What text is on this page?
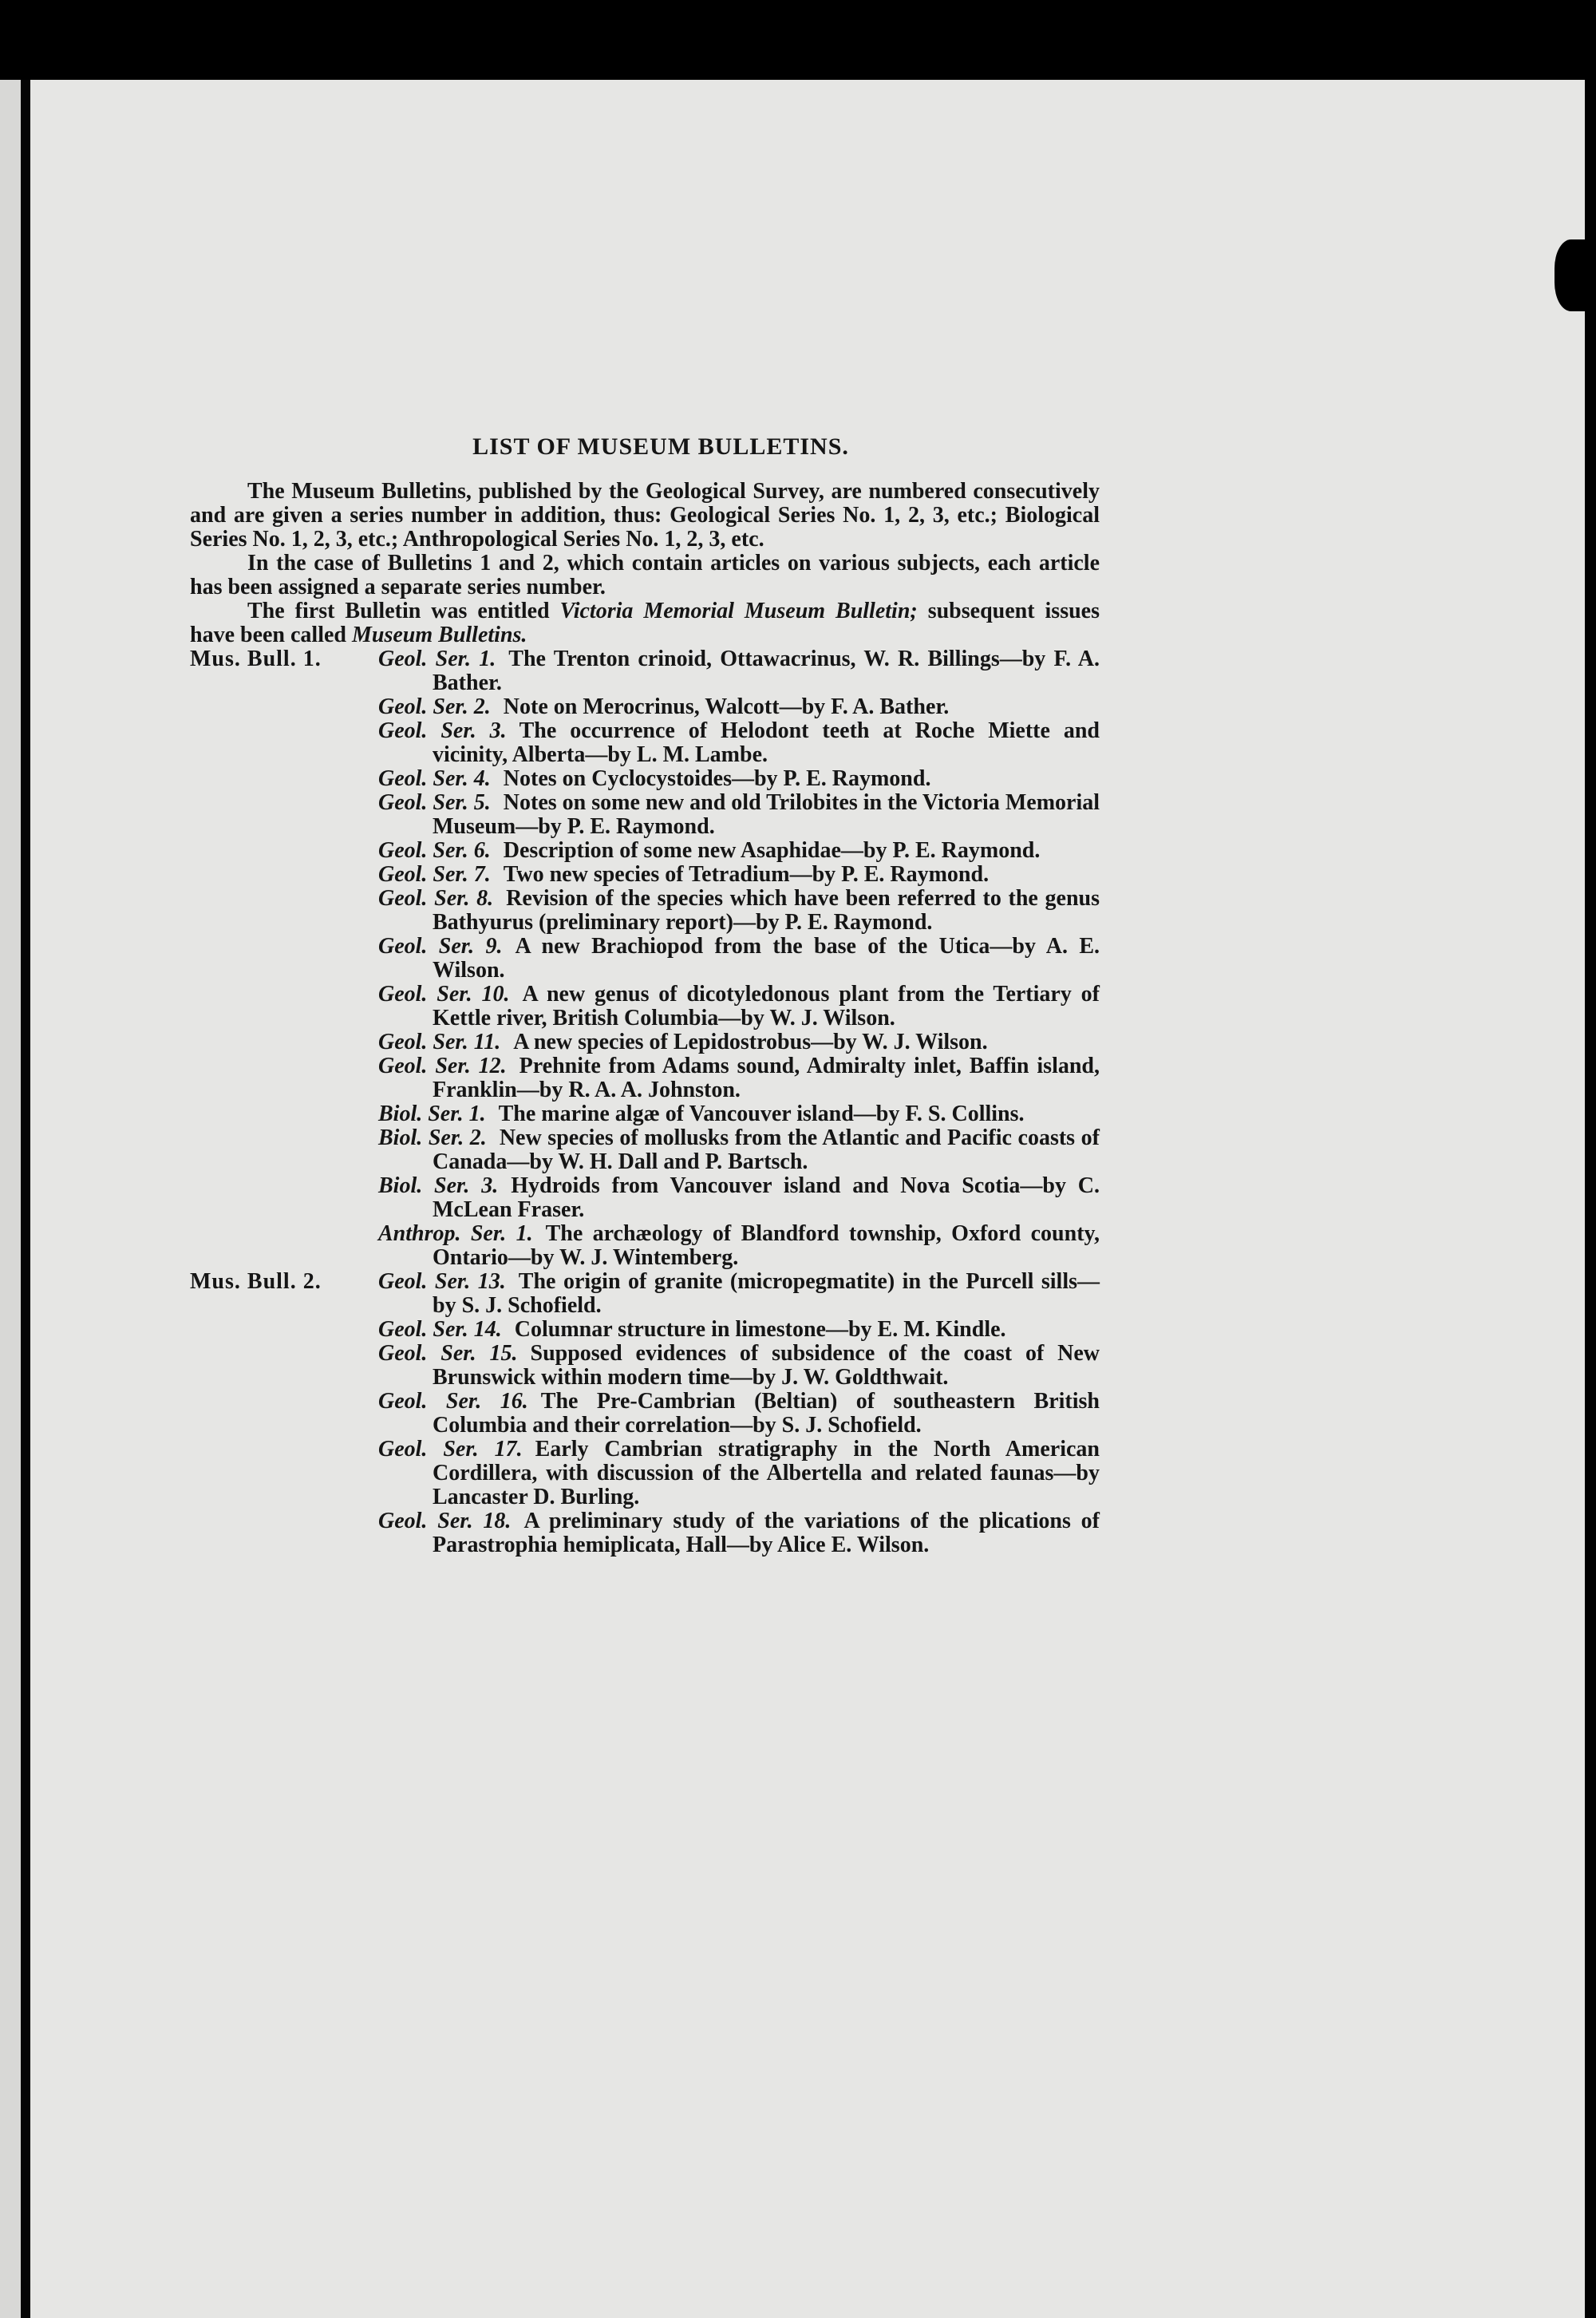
LIST OF MUSEUM BULLETINS.

The Museum Bulletins, published by the Geological Survey, are numbered consecutively and are given a series number in addition, thus: Geological Series No. 1, 2, 3, etc.; Biological Series No. 1, 2, 3, etc.; Anthropological Series No. 1, 2, 3, etc.

In the case of Bulletins 1 and 2, which contain articles on various subjects, each article has been assigned a separate series number.

The first Bulletin was entitled Victoria Memorial Museum Bulletin; subsequent issues have been called Museum Bulletins.

Mus. Bull. 1.	Geol. Ser. 1. The Trenton crinoid, Ottawacrinus, W. R. Billings—by F. A. Bather.
Geol. Ser. 2. Note on Merocrinus, Walcott—by F. A. Bather.
Geol. Ser. 3. The occurrence of Helodont teeth at Roche Miette and vicinity, Alberta—by L. M. Lambe.
Geol. Ser. 4. Notes on Cyclocystoides—by P. E. Raymond.
Geol. Ser. 5. Notes on some new and old Trilobites in the Victoria Memorial Museum—by P. E. Raymond.
Geol. Ser. 6. Description of some new Asaphidae—by P. E. Raymond.
Geol. Ser. 7. Two new species of Tetradium—by P. E. Raymond.
Geol. Ser. 8. Revision of the species which have been referred to the genus Bathyurus (preliminary report)—by P. E. Raymond.
Geol. Ser. 9. A new Brachiopod from the base of the Utica—by A. E. Wilson.
Geol. Ser. 10. A new genus of dicotyledonous plant from the Tertiary of Kettle river, British Columbia—by W. J. Wilson.
Geol. Ser. 11. A new species of Lepidostrobus—by W. J. Wilson.
Geol. Ser. 12. Prehnite from Adams sound, Admiralty inlet, Baffin island, Franklin—by R. A. A. Johnston.
Biol. Ser. 1. The marine algæ of Vancouver island—by F. S. Collins.
Biol. Ser. 2. New species of mollusks from the Atlantic and Pacific coasts of Canada—by W. H. Dall and P. Bartsch.
Biol. Ser. 3. Hydroids from Vancouver island and Nova Scotia—by C. McLean Fraser.
Anthrop. Ser. 1. The archæology of Blandford township, Oxford county, Ontario—by W. J. Wintemberg.
Mus. Bull. 2.	Geol. Ser. 13. The origin of granite (micropegmatite) in the Purcell sills—by S. J. Schofield.
Geol. Ser. 14. Columnar structure in limestone—by E. M. Kindle.
Geol. Ser. 15. Supposed evidences of subsidence of the coast of New Brunswick within modern time—by J. W. Goldthwait.
Geol. Ser. 16. The Pre-Cambrian (Beltian) of southeastern British Columbia and their correlation—by S. J. Schofield.
Geol. Ser. 17. Early Cambrian stratigraphy in the North American Cordillera, with discussion of the Albertella and related faunas—by Lancaster D. Burling.
Geol. Ser. 18. A preliminary study of the variations of the plications of Parastrophia hemiplicata, Hall—by Alice E. Wilson.
